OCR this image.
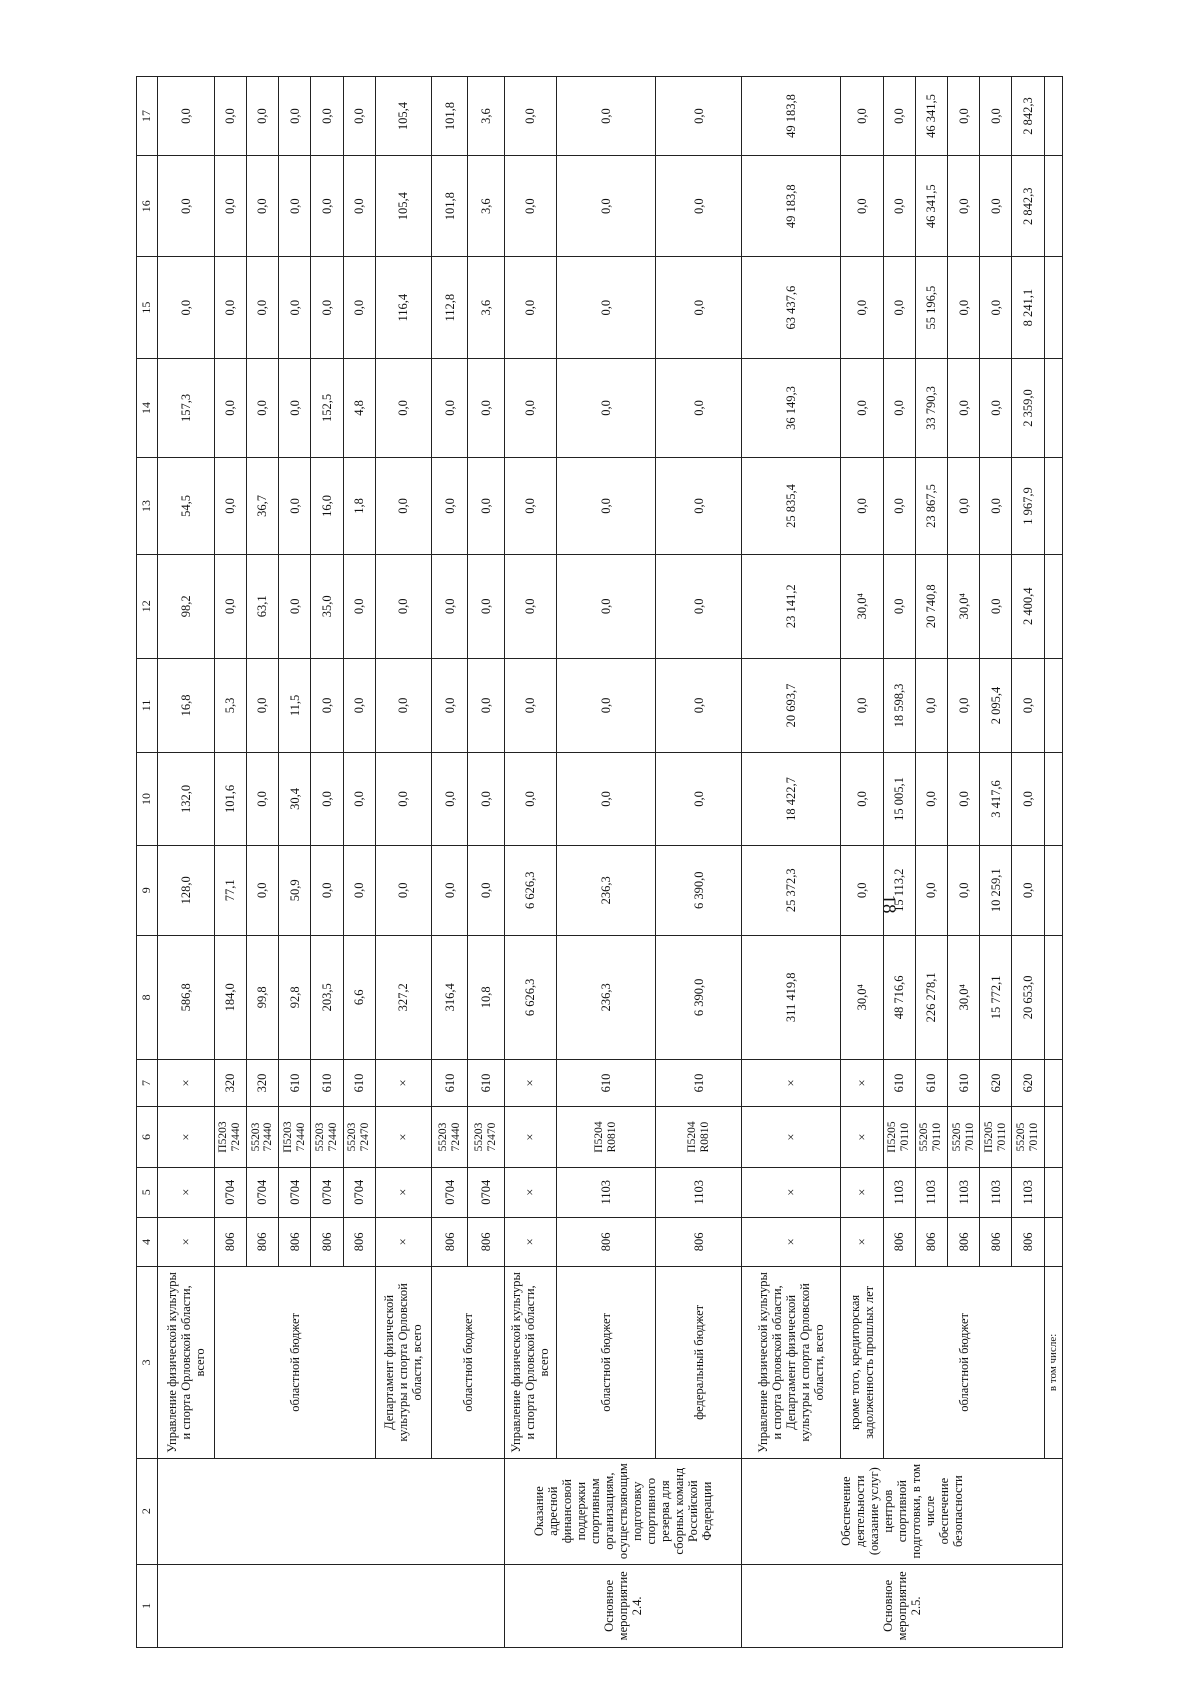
18
1	2	3	4	5	6	7	8	9	10	11	12	13	14	15	16	17
		Управление физической культуры и спорта Орловской области, всего	×	×	×	×	586,8	128,0	132,0	16,8	98,2	54,5	157,3	0,0	0,0	0,0
		областной бюджет	806	0704	П5203 72440	320	184,0	77,1	101,6	5,3	0,0	0,0	0,0	0,0	0,0	0,0
			806	0704	55203 72440	320	99,8	0,0	0,0	0,0	63,1	36,7	0,0	0,0	0,0	0,0
			806	0704	П5203 72440	610	92,8	50,9	30,4	11,5	0,0	0,0	0,0	0,0	0,0	0,0
			806	0704	55203 72440	610	203,5	0,0	0,0	0,0	35,0	16,0	152,5	0,0	0,0	0,0
			806	0704	55203 72470	610	6,6	0,0	0,0	0,0	0,0	1,8	4,8	0,0	0,0	0,0
		Департамент физической культуры и спорта Орловской области, всего	×	×	×	×	327,2	0,0	0,0	0,0	0,0	0,0	0,0	116,4	105,4	105,4
		областной бюджет	806	0704	55203 72440	610	316,4	0,0	0,0	0,0	0,0	0,0	0,0	112,8	101,8	101,8
			806	0704	55203 72470	610	10,8	0,0	0,0	0,0	0,0	0,0	0,0	3,6	3,6	3,6
Основное мероприятие 2.4.	Оказание адресной финансовой поддержки спортивным организациям, осуществляющим подготовку спортивного резерва для сборных команд Российской Федерации	Управление физической культуры и спорта Орловской области, всего	×	×	×	×	6 626,3	6 626,3	0,0	0,0	0,0	0,0	0,0	0,0	0,0	0,0
		областной бюджет	806	1103	П5204 R0810	610	236,3	236,3	0,0	0,0	0,0	0,0	0,0	0,0	0,0	0,0
		федеральный бюджет	806	1103	П5204 R0810	610	6 390,0	6 390,0	0,0	0,0	0,0	0,0	0,0	0,0	0,0	0,0
Основное мероприятие 2.5.	Обеспечение деятельности (оказание услуг) центров спортивной подготовки, в том числе обеспечение безопасности	Управление физической культуры и спорта Орловской области, Департамент физической культуры и спорта Орловской области, всего	×	×	×	×	311 419,8	25 372,3	18 422,7	20 693,7	23 141,2	25 835,4	36 149,3	63 437,6	49 183,8	49 183,8
		кроме того, кредиторская задолженность прошлых лет	×	×	×	×	30,0⁴	0,0	0,0	0,0	30,0⁴	0,0	0,0	0,0	0,0	0,0
		областной бюджет	806	1103	П5205 70110	610	48 716,6	15 113,2	15 005,1	18 598,3	0,0	0,0	0,0	0,0	0,0	0,0
			806	1103	55205 70110	610	226 278,1	0,0	0,0	0,0	20 740,8	23 867,5	33 790,3	55 196,5	46 341,5	46 341,5
			806	1103	55205 70110	610	30,0⁴	0,0	0,0	0,0	30,0⁴	0,0	0,0	0,0	0,0	0,0
			806	1103	П5205 70110	620	15 772,1	10 259,1	3 417,6	2 095,4	0,0	0,0	0,0	0,0	0,0	0,0
			806	1103	55205 70110	620	20 653,0	0,0	0,0	0,0	2 400,4	1 967,9	2 359,0	8 241,1	2 842,3	2 842,3
		в том числе:														
